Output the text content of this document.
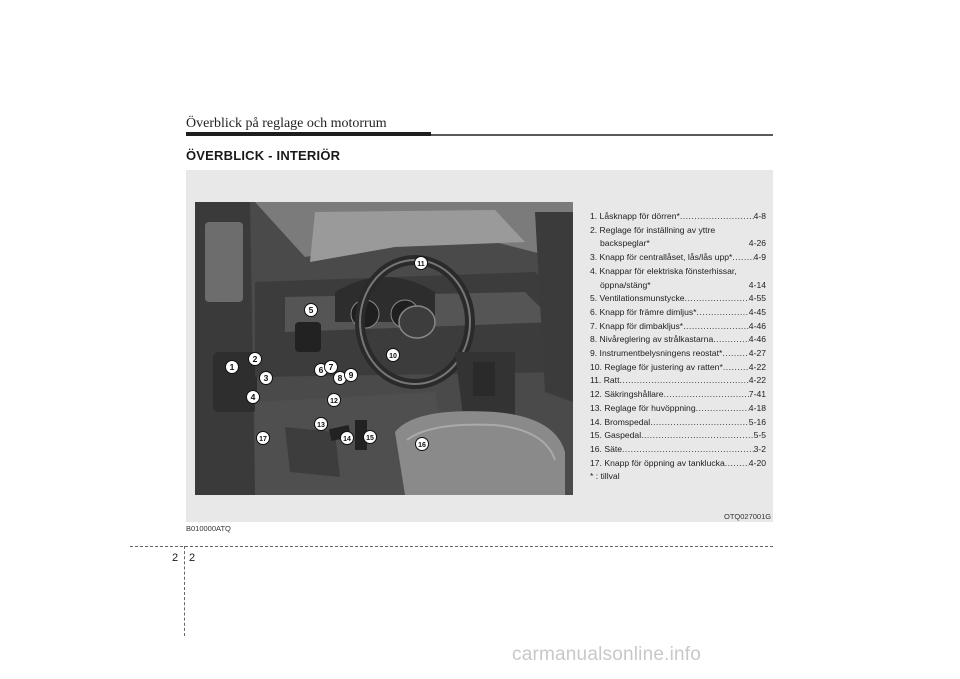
Överblick på reglage och motorrum
ÖVERBLICK - INTERIÖR
1
2
3
4
5
6 7
8 9
10
11
12
13
14 15
16
17
1. Låsknapp för dörren* .....	4-8
2. Reglage för inställning av yttre
backspeglar*	4-26
3. Knapp för centrallåset, lås/lås upp* ..... 4-9
4. Knappar för elektriska fönsterhissar,
öppna/stäng*	4-14
5. Ventilationsmunstycke .....	4-55
6. Knapp för främre dimljus* .....	4-45
7. Knapp för dimbakljus* .....	4-46
8. Nivåreglering av strålkastarna .....	4-46
9. Instrumentbelysningens reostat* .....	4-27
10. Reglage för justering av ratten* .....	4-22
11. Ratt .....	4-22
12. Säkringshållare .....	7-41
13. Reglage för huvöppning .....	4-18
14. Bromspedal .....	5-16
15. Gaspedal .....	5-5
16. Säte .....	3-2
17. Knapp för öppning av tanklucka .....	4-20
* : tillval
OTQ027001G
B010000ATQ
2 2
carmanualsonline.info
